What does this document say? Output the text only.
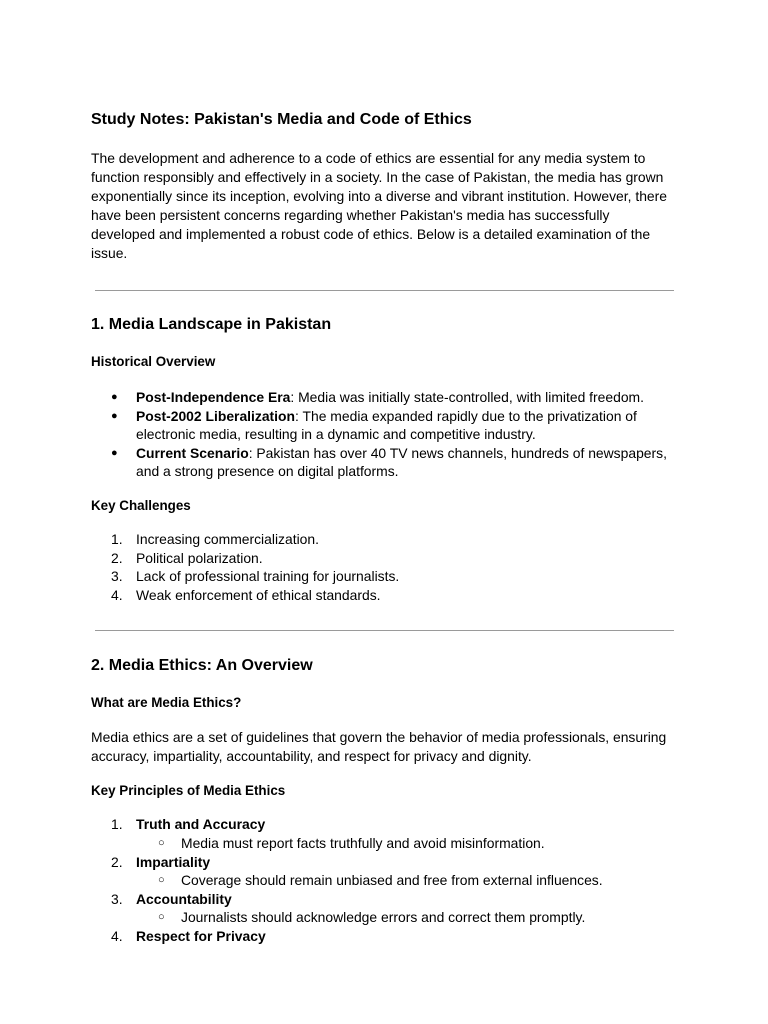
Study Notes: Pakistan's Media and Code of Ethics

The development and adherence to a code of ethics are essential for any media system to function responsibly and effectively in a society. In the case of Pakistan, the media has grown exponentially since its inception, evolving into a diverse and vibrant institution. However, there have been persistent concerns regarding whether Pakistan's media has successfully developed and implemented a robust code of ethics. Below is a detailed examination of the issue.

1. Media Landscape in Pakistan
Historical Overview
● Post-Independence Era: Media was initially state-controlled, with limited freedom.
● Post-2002 Liberalization: The media expanded rapidly due to the privatization of electronic media, resulting in a dynamic and competitive industry.
● Current Scenario: Pakistan has over 40 TV news channels, hundreds of newspapers, and a strong presence on digital platforms.
Key Challenges
1. Increasing commercialization.
2. Political polarization.
3. Lack of professional training for journalists.
4. Weak enforcement of ethical standards.
2. Media Ethics: An Overview
What are Media Ethics?

Media ethics are a set of guidelines that govern the behavior of media professionals, ensuring accuracy, impartiality, accountability, and respect for privacy and dignity.

Key Principles of Media Ethics
1. Truth and Accuracy
○ Media must report facts truthfully and avoid misinformation.
2. Impartiality
○ Coverage should remain unbiased and free from external influences.
3. Accountability
○ Journalists should acknowledge errors and correct them promptly.
4. Respect for Privacy
